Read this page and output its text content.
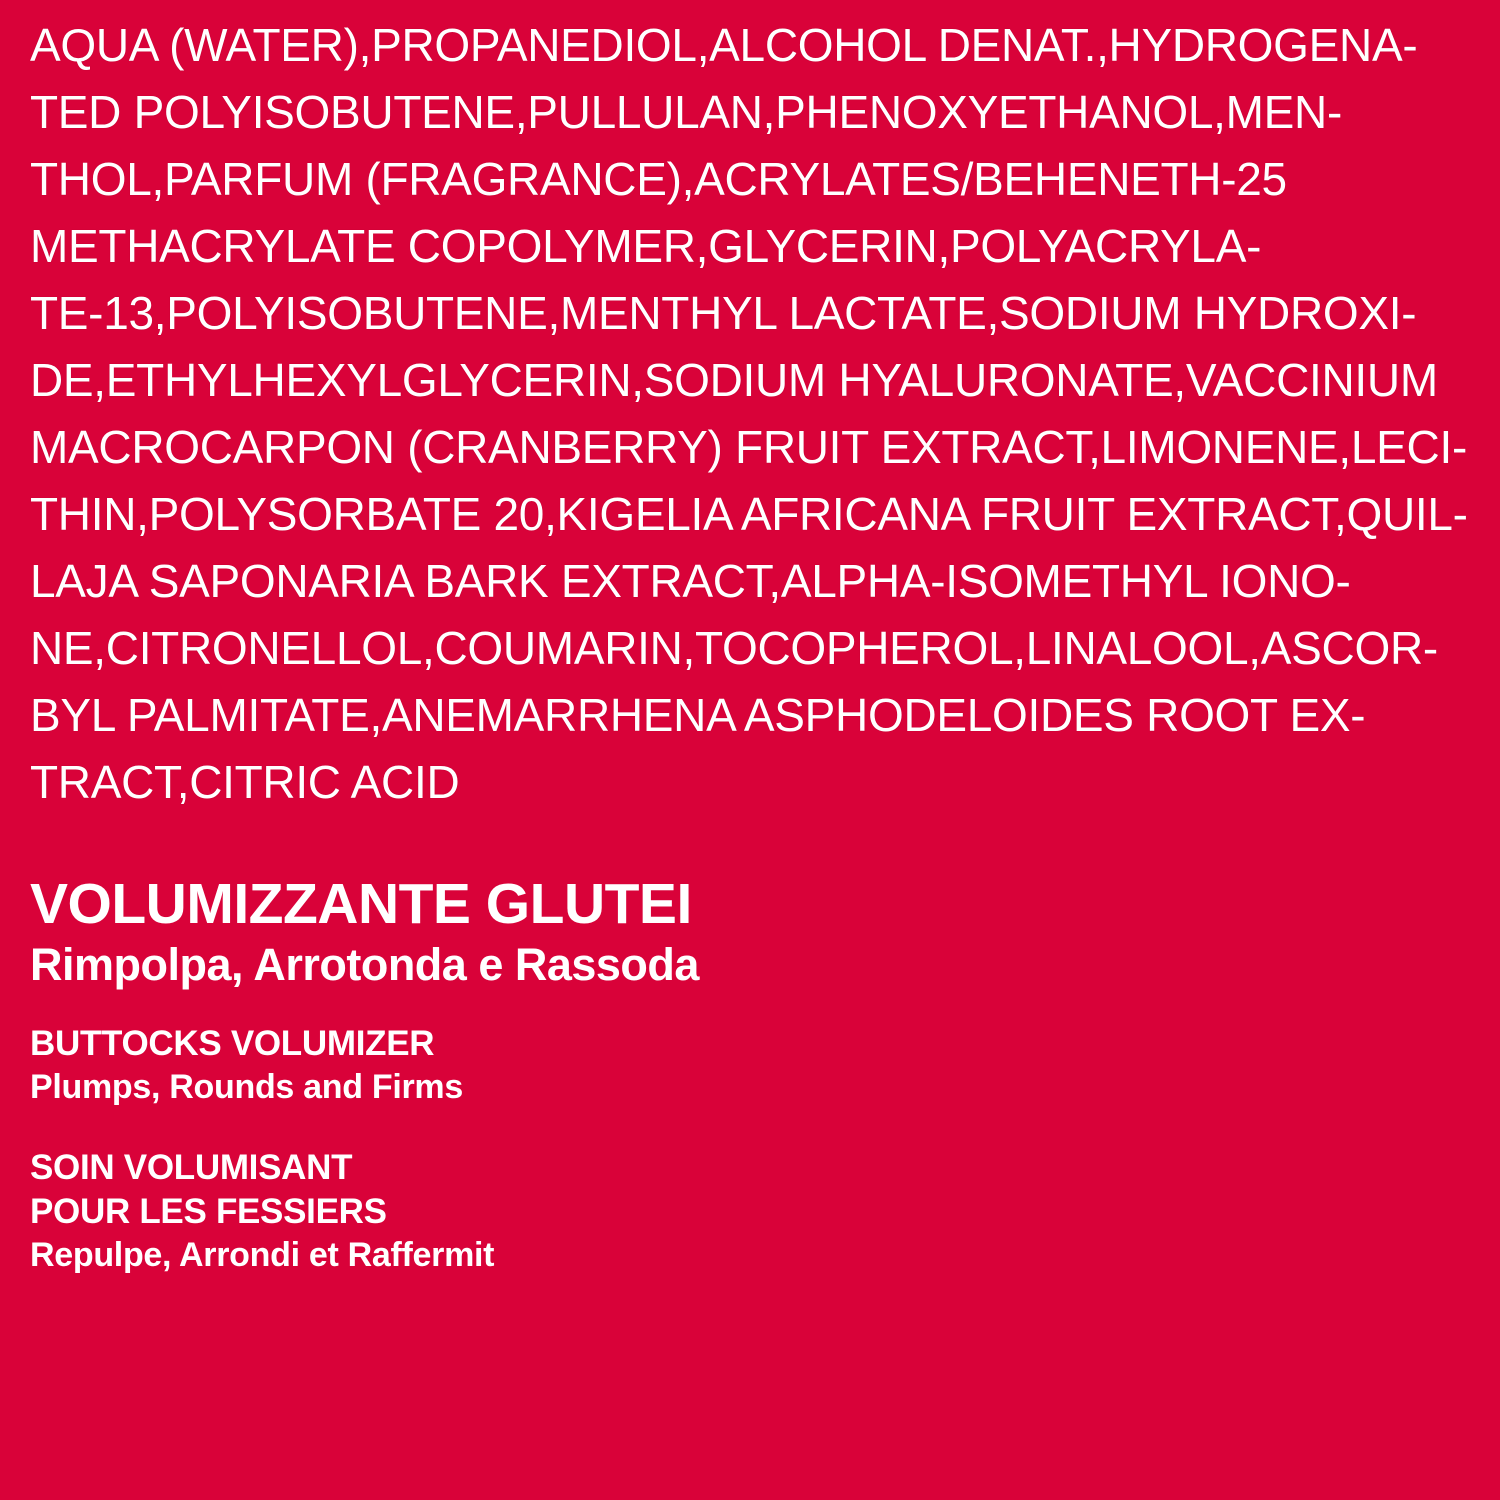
AQUA (WATER),PROPANEDIOL,ALCOHOL DENAT.,HYDROGENA-
TED POLYISOBUTENE,PULLULAN,PHENOXYETHANOL,MEN-
THOL,PARFUM (FRAGRANCE),ACRYLATES/BEHENETH-25
METHACRYLATE COPOLYMER,GLYCERIN,POLYACRYLA-
TE-13,POLYISOBUTENE,MENTHYL LACTATE,SODIUM HYDROXI-
DE,ETHYLHEXYLGLYCERIN,SODIUM HYALURONATE,VACCINIUM
MACROCARPON (CRANBERRY) FRUIT EXTRACT,LIMONENE,LECI-
THIN,POLYSORBATE 20,KIGELIA AFRICANA FRUIT EXTRACT,QUIL-
LAJA SAPONARIA BARK EXTRACT,ALPHA-ISOMETHYL IONO-
NE,CITRONELLOL,COUMARIN,TOCOPHEROL,LINALOOL,ASCOR-
BYL PALMITATE,ANEMARRHENA ASPHODELOIDES ROOT EX-
TRACT,CITRIC ACID
VOLUMIZZANTE GLUTEI
Rimpolpa, Arrotonda e Rassoda
BUTTOCKS VOLUMIZER
Plumps, Rounds and Firms
SOIN VOLUMISANT
POUR LES FESSIERS
Repulpe, Arrondi et Raffermit
